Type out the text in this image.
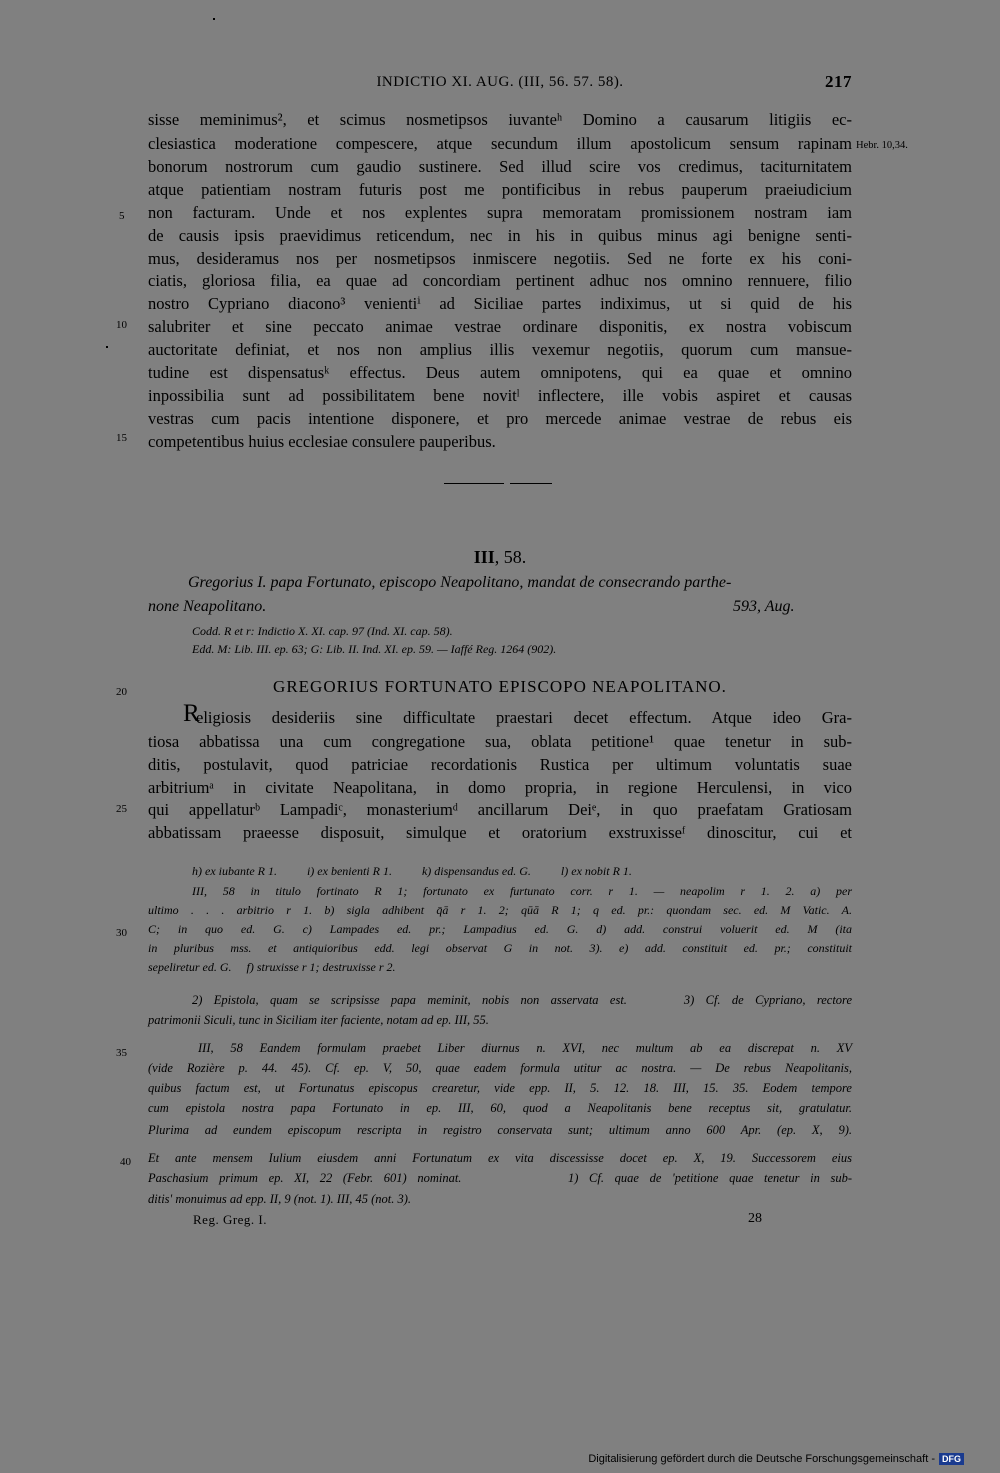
INDICTIO XI. AUG. (III, 56. 57. 58).	217
sisse meminimus², et scimus nosmetipsos iuvanteʰ Domino a causarum litigiis ec-
clesiastica moderatione compescere, atque secundum illum apostolicum sensum rapinam
bonorum nostrorum cum gaudio sustinere. Sed illud scire vos credimus, taciturnitatem
atque patientiam nostram futuris post me pontificibus in rebus pauperum praeiudicium
non facturam. Unde et nos explentes supra memoratam promissionem nostram iam
de causis ipsis praevidimus reticendum, nec in his in quibus minus agi benigne senti-
mus, desideramus nos per nosmetipsos inmiscere negotiis. Sed ne forte ex his coni-
ciatis, gloriosa filia, ea quae ad concordiam pertinent adhuc nos omnino rennuere, filio
nostro Cypriano diacono³ venientiⁱ ad Siciliae partes indiximus, ut si quid de his
salubriter et sine peccato animae vestrae ordinare disponitis, ex nostra vobiscum
auctoritate definiat, et nos non amplius illis vexemur negotiis, quorum cum mansue-
tudine est dispensatusᵏ effectus. Deus autem omnipotens, qui ea quae et omnino
inpossibilia sunt ad possibilitatem bene novitˡ inflectere, ille vobis aspiret et causas
vestras cum pacis intentione disponere, et pro mercede animae vestrae de rebus eis
competentibus huius ecclesiae consulere pauperibus.
Hebr. 10,34.
5
10
15
20
25
30
35
40
III, 58.
Gregorius I. papa Fortunato, episcopo Neapolitano, mandat de consecrando parthe-
none Neapolitano.	593, Aug.
Codd. R et r: Indictio X. XI. cap. 97 (Ind. XI. cap. 58).
Edd. M: Lib. III. ep. 63; G: Lib. II. Ind. XI. ep. 59. — Iaffé Reg. 1264 (902).
GREGORIUS FORTUNATO EPISCOPO NEAPOLITANO.
eligiosis desideriis sine difficultate praestari decet effectum. Atque ideo Gra-
R
tiosa abbatissa una cum congregatione sua, oblata petitione¹ quae tenetur in sub-
ditis, postulavit, quod patriciae recordationis Rustica per ultimum voluntatis suae
arbitriumᵃ in civitate Neapolitana, in domo propria, in regione Herculensi, in vico
qui appellaturᵇ Lampadiᶜ, monasteriumᵈ ancillarum Deiᵉ, in quo praefatam Gratiosam
abbatissam praeesse disposuit, simulque et oratorium exstruxisseᶠ dinoscitur, cui et
h) ex iubante R 1.          i) ex benienti R 1.          k) dispensandus ed. G.          l) ex nobit R 1.
III, 58 in titulo fortinato R 1; fortunato ex furtunato corr. r 1. — neapolim r 1. 2. a) per
ultimo . . . arbitrio r 1. b) sigla adhibent q̄ā r 1. 2; qūā R 1; q ed. pr.: quondam sec. ed. M Vatic. A.
C; in quo ed. G. c) Lampades ed. pr.; Lampadius ed. G. d) add. construi voluerit ed. M (ita
in pluribus mss. et antiquioribus edd. legi observat G in not. 3). e) add. constituit ed. pr.; constituit
sepeliretur ed. G.     f) struxisse r 1; destruxisse r 2.
2) Epistola, quam se scripsisse papa meminit, nobis non asservata est.     3) Cf. de Cypriano, rectore
patrimonii Siculi, tunc in Siciliam iter faciente, notam ad ep. III, 55.
III, 58 Eandem formulam praebet Liber diurnus n. XVI, nec multum ab ea discrepat n. XV
(vide Rozière p. 44. 45). Cf. ep. V, 50, quae eadem formula utitur ac nostra. — De rebus Neapolitanis,
quibus factum est, ut Fortunatus episcopus crearetur, vide epp. II, 5. 12. 18. III, 15. 35. Eodem tempore
cum epistola nostra papa Fortunato in ep. III, 60, quod a Neapolitanis bene receptus sit, gratulatur.
Plurima ad eundem episcopum rescripta in registro conservata sunt; ultimum anno 600 Apr. (ep. X, 9).
Et ante mensem Iulium eiusdem anni Fortunatum ex vita discessisse docet ep. X, 19. Successorem eius
Paschasium primum ep. XI, 22 (Febr. 601) nominat.          1) Cf. quae de 'petitione quae tenetur in sub-
ditis' monuimus ad epp. II, 9 (not. 1). III, 45 (not. 3).
Reg. Greg. I.	28
Digitalisierung gefördert durch die Deutsche Forschungsgemeinschaft - DFG
